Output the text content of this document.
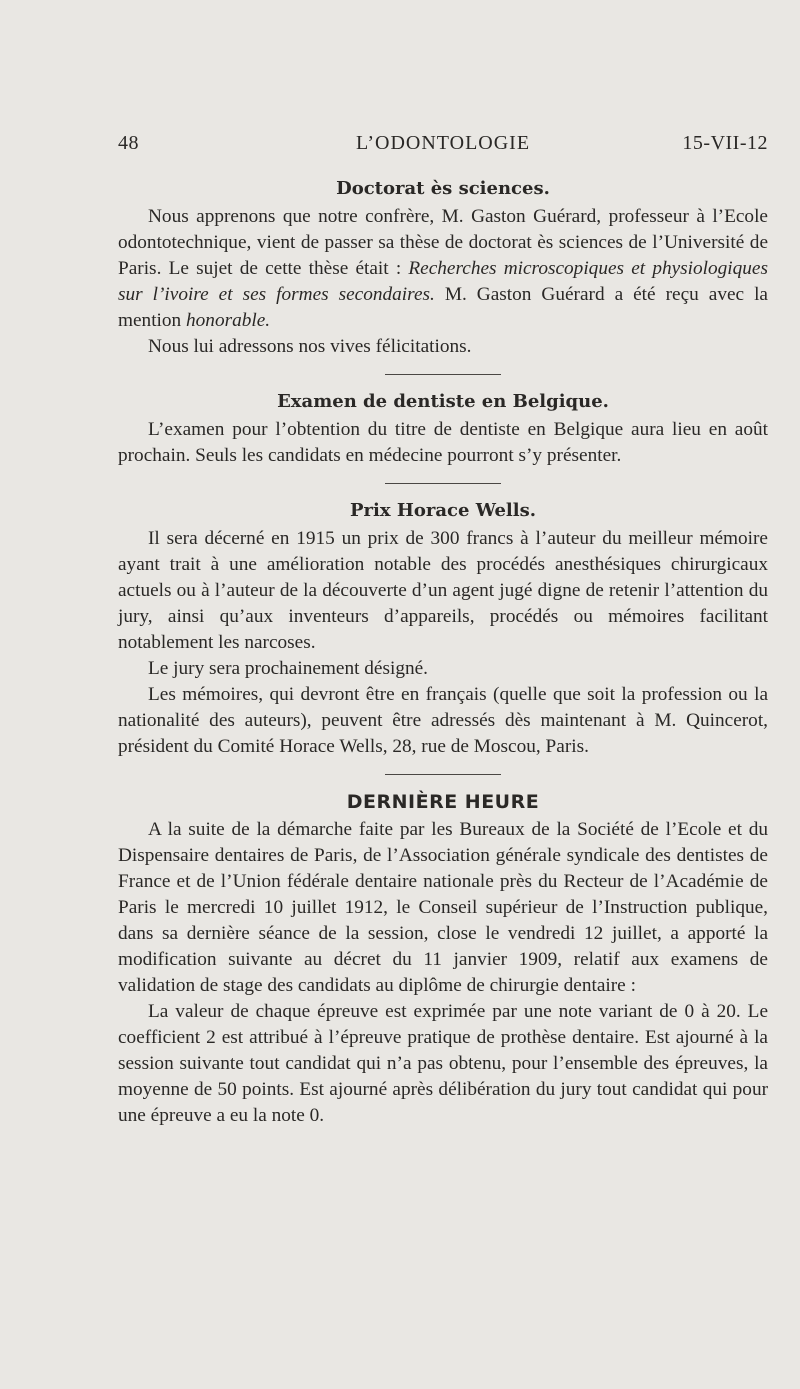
48	L’ODONTOLOGIE	15-VII-12
Doctorat ès sciences.

Nous apprenons que notre confrère, M. Gaston Guérard, professeur à l’Ecole odontotechnique, vient de passer sa thèse de doctorat ès sciences de l’Université de Paris. Le sujet de cette thèse était : Recherches microscopiques et physiologiques sur l’ivoire et ses formes secondaires. M. Gaston Guérard a été reçu avec la mention honorable.

Nous lui adressons nos vives félicitations.

Examen de dentiste en Belgique.

L’examen pour l’obtention du titre de dentiste en Belgique aura lieu en août prochain. Seuls les candidats en médecine pourront s’y présenter.

Prix Horace Wells.

Il sera décerné en 1915 un prix de 300 francs à l’auteur du meilleur mémoire ayant trait à une amélioration notable des procédés anesthésiques chirurgicaux actuels ou à l’auteur de la découverte d’un agent jugé digne de retenir l’attention du jury, ainsi qu’aux inventeurs d’appareils, procédés ou mémoires facilitant notablement les narcoses.

Le jury sera prochainement désigné.

Les mémoires, qui devront être en français (quelle que soit la profession ou la nationalité des auteurs), peuvent être adressés dès maintenant à M. Quincerot, président du Comité Horace Wells, 28, rue de Moscou, Paris.

DERNIÈRE HEURE

A la suite de la démarche faite par les Bureaux de la Société de l’Ecole et du Dispensaire dentaires de Paris, de l’Association générale syndicale des dentistes de France et de l’Union fédérale dentaire nationale près du Recteur de l’Académie de Paris le mercredi 10 juillet 1912, le Conseil supérieur de l’Instruction publique, dans sa dernière séance de la session, close le vendredi 12 juillet, a apporté la modification suivante au décret du 11 janvier 1909, relatif aux examens de validation de stage des candidats au diplôme de chirurgie dentaire :

La valeur de chaque épreuve est exprimée par une note variant de 0 à 20. Le coefficient 2 est attribué à l’épreuve pratique de prothèse dentaire. Est ajourné à la session suivante tout candidat qui n’a pas obtenu, pour l’ensemble des épreuves, la moyenne de 50 points. Est ajourné après délibération du jury tout candidat qui pour une épreuve a eu la note 0.
